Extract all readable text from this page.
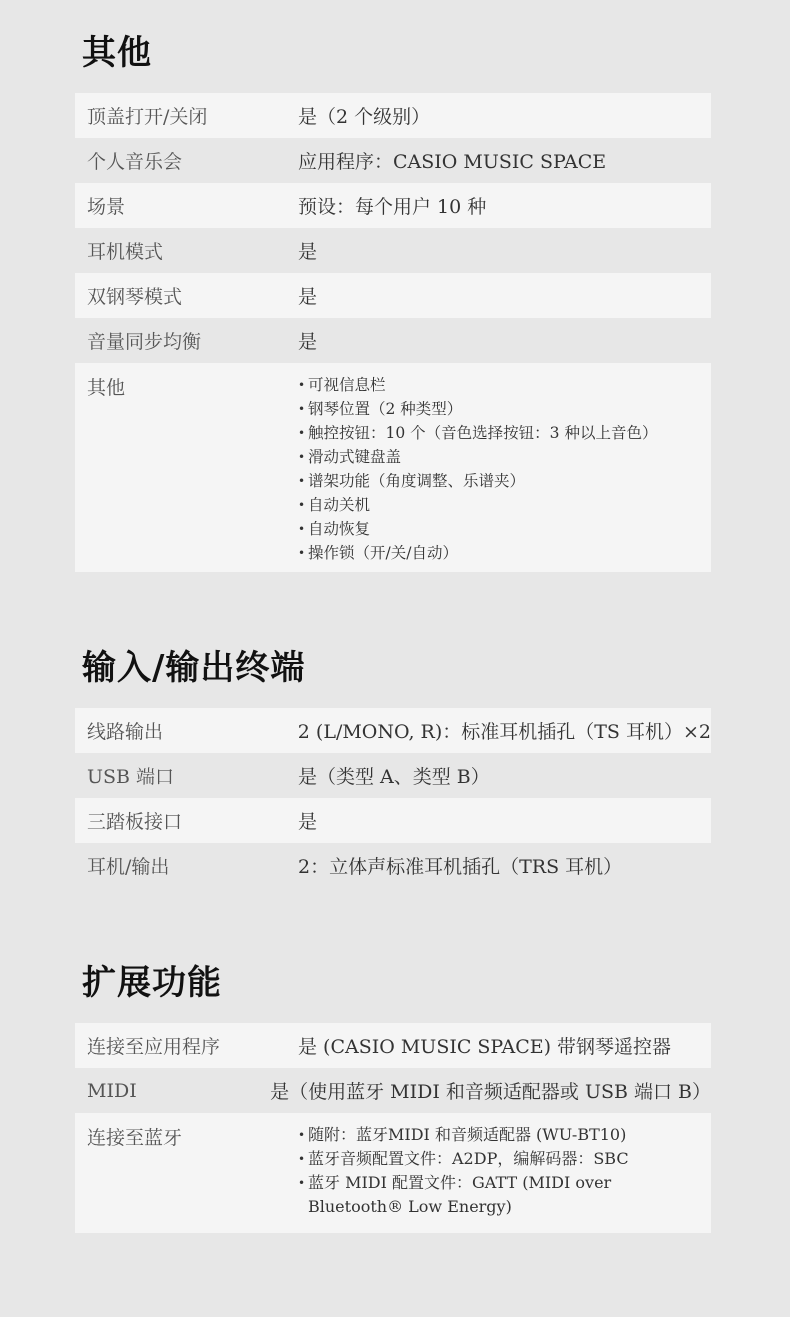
其他
顶盖打开/关闭	是（2 个级别）
个人音乐会	应用程序：CASIO MUSIC SPACE
场景	预设：每个用户 10 种
耳机模式	是
双钢琴模式	是
音量同步均衡	是
其他	• 可视信息栏
• 钢琴位置（2 种类型）
• 触控按钮：10 个（音色选择按钮：3 种以上音色）
• 滑动式键盘盖
• 谱架功能（角度调整、乐谱夹）
• 自动关机
• 自动恢复
• 操作锁（开/关/自动）
输入/输出终端
线路输出	2 (L/MONO, R)：标准耳机插孔（TS 耳机）×2
USB 端口	是（类型 A、类型 B）
三踏板接口	是
耳机/输出	2：立体声标准耳机插孔（TRS 耳机）
扩展功能
连接至应用程序	是 (CASIO MUSIC SPACE) 带钢琴遥控器
MIDI	是（使用蓝牙 MIDI 和音频适配器或 USB 端口 B）
连接至蓝牙	• 随附：蓝牙MIDI 和音频适配器 (WU-BT10)
• 蓝牙音频配置文件：A2DP，编解码器：SBC
• 蓝牙 MIDI 配置文件：GATT (MIDI over Bluetooth® Low Energy)
